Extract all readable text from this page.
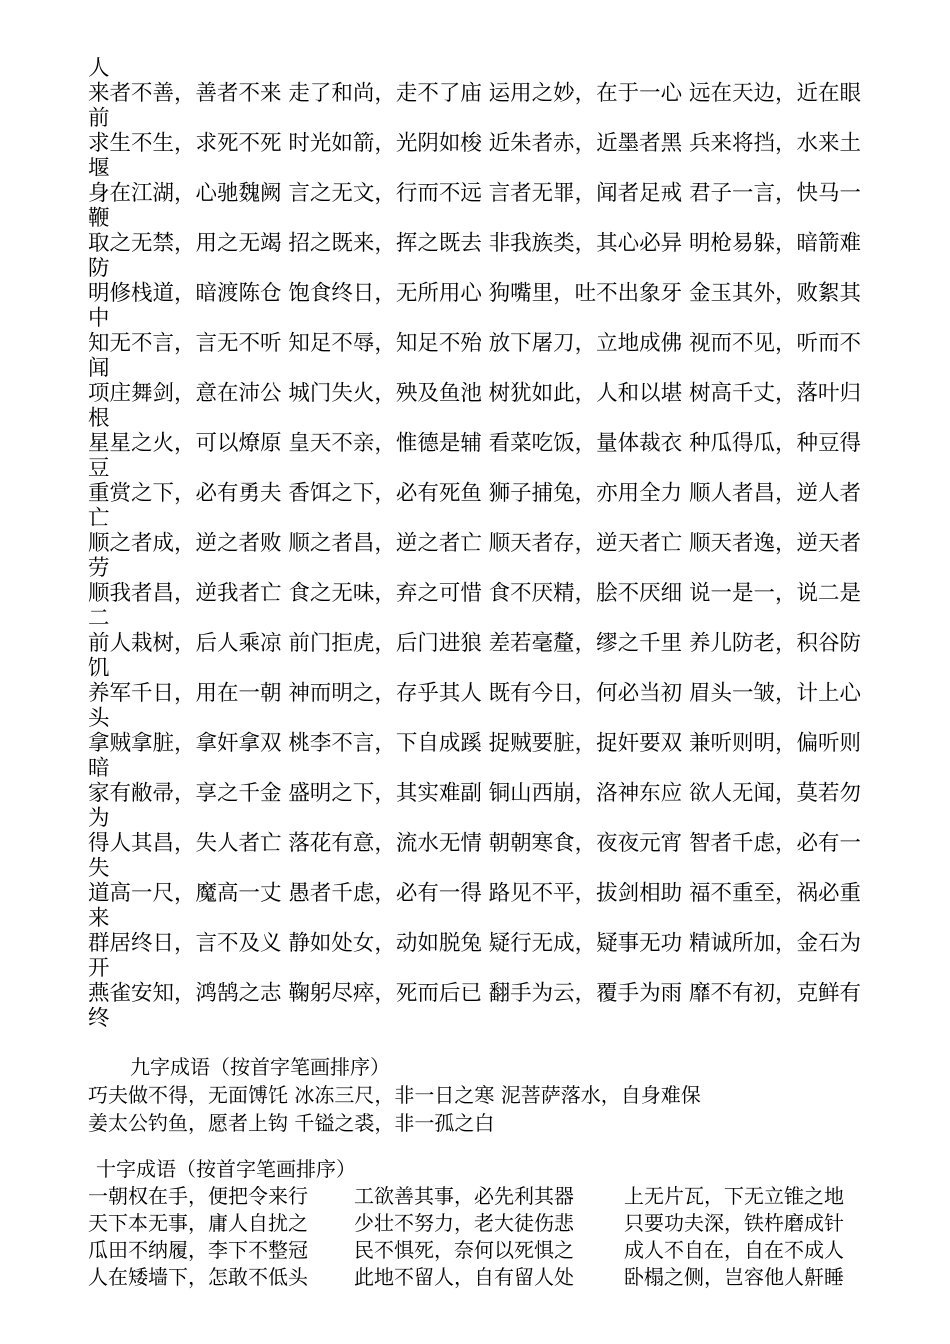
人
来者不善，善者不来 走了和尚，走不了庙 运用之妙，在于一心 远在天边，近在眼前
求生不生，求死不死 时光如箭，光阴如梭 近朱者赤，近墨者黑 兵来将挡，水来土堰
身在江湖，心驰魏阙 言之无文，行而不远 言者无罪，闻者足戒 君子一言，快马一鞭
取之无禁，用之无竭 招之既来，挥之既去 非我族类，其心必异 明枪易躲，暗箭难防
明修栈道，暗渡陈仓 饱食终日，无所用心 狗嘴里，吐不出象牙 金玉其外，败絮其中
知无不言，言无不听 知足不辱，知足不殆 放下屠刀，立地成佛 视而不见，听而不闻
项庄舞剑，意在沛公 城门失火，殃及鱼池 树犹如此，人和以堪 树高千丈，落叶归根
星星之火，可以燎原 皇天不亲，惟德是辅 看菜吃饭，量体裁衣 种瓜得瓜，种豆得豆
重赏之下，必有勇夫 香饵之下，必有死鱼 狮子捕兔，亦用全力 顺人者昌，逆人者亡
顺之者成，逆之者败 顺之者昌，逆之者亡 顺天者存，逆天者亡 顺天者逸，逆天者劳
顺我者昌，逆我者亡 食之无味，弃之可惜 食不厌精，脍不厌细 说一是一，说二是二
前人栽树，后人乘凉 前门拒虎，后门进狼 差若毫釐，缪之千里 养儿防老，积谷防饥
养军千日，用在一朝 神而明之，存乎其人 既有今日，何必当初 眉头一皱，计上心头
拿贼拿脏，拿奸拿双 桃李不言，下自成蹊 捉贼要脏，捉奸要双 兼听则明，偏听则暗
家有敝帚，享之千金 盛明之下，其实难副 铜山西崩，洛神东应 欲人无闻，莫若勿为
得人其昌，失人者亡 落花有意，流水无情 朝朝寒食，夜夜元宵 智者千虑，必有一失
道高一尺，魔高一丈 愚者千虑，必有一得 路见不平，拔剑相助 福不重至，祸必重来
群居终日，言不及义 静如处女，动如脱兔 疑行无成，疑事无功 精诚所加，金石为开
燕雀安知，鸿鹄之志 鞠躬尽瘁，死而后已 翻手为云，覆手为雨 靡不有初，克鲜有终
九字成语（按首字笔画排序）
巧夫做不得，无面馎饦 冰冻三尺，非一日之寒 泥菩萨落水，自身难保
姜太公钓鱼，愿者上钩 千镒之裘，非一孤之白
十字成语（按首字笔画排序）
一朝权在手，便把令来行 工欲善其事，必先利其器	上无片瓦，下无立锥之地
天下本无事，庸人自扰之 少壮不努力，老大徒伤悲	只要功夫深，铁杵磨成针
瓜田不纳履，李下不整冠 民不惧死，奈何以死惧之	成人不自在，自在不成人
人在矮墙下，怎敢不低头 此地不留人，自有留人处	卧榻之侧，岂容他人鼾睡
